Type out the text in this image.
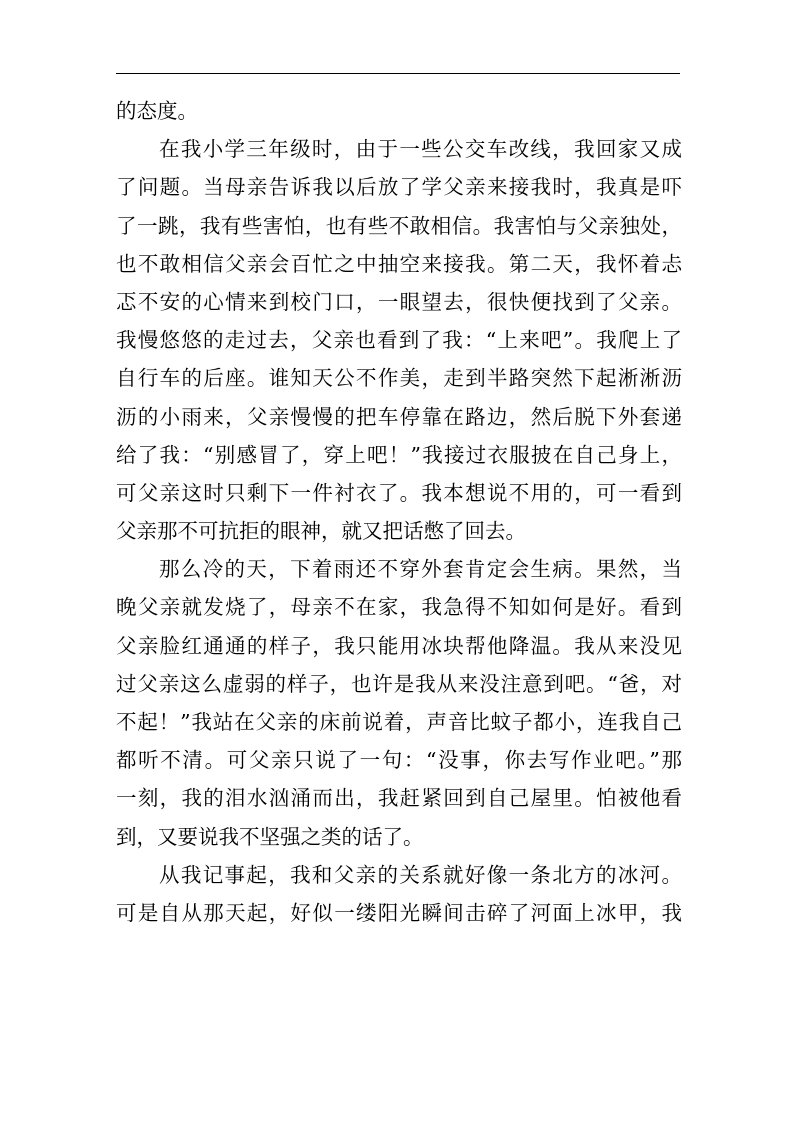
的态度。
在我小学三年级时，由于一些公交车改线，我回家又成
了问题。当母亲告诉我以后放了学父亲来接我时，我真是吓
了一跳，我有些害怕，也有些不敢相信。我害怕与父亲独处，
也不敢相信父亲会百忙之中抽空来接我。第二天，我怀着忐
忑不安的心情来到校门口，一眼望去，很快便找到了父亲。
我慢悠悠的走过去，父亲也看到了我：“上来吧”。我爬上了
自行车的后座。谁知天公不作美，走到半路突然下起淅淅沥
沥的小雨来，父亲慢慢的把车停靠在路边，然后脱下外套递
给了我：“别感冒了，穿上吧！”我接过衣服披在自己身上，
可父亲这时只剩下一件衬衣了。我本想说不用的，可一看到
父亲那不可抗拒的眼神，就又把话憋了回去。
那么冷的天，下着雨还不穿外套肯定会生病。果然，当
晚父亲就发烧了，母亲不在家，我急得不知如何是好。看到
父亲脸红通通的样子，我只能用冰块帮他降温。我从来没见
过父亲这么虚弱的样子，也许是我从来没注意到吧。“爸，对
不起！”我站在父亲的床前说着，声音比蚊子都小，连我自己
都听不清。可父亲只说了一句：“没事，你去写作业吧。”那
一刻，我的泪水汹涌而出，我赶紧回到自己屋里。怕被他看
到，又要说我不坚强之类的话了。
从我记事起，我和父亲的关系就好像一条北方的冰河。
可是自从那天起，好似一缕阳光瞬间击碎了河面上冰甲，我
